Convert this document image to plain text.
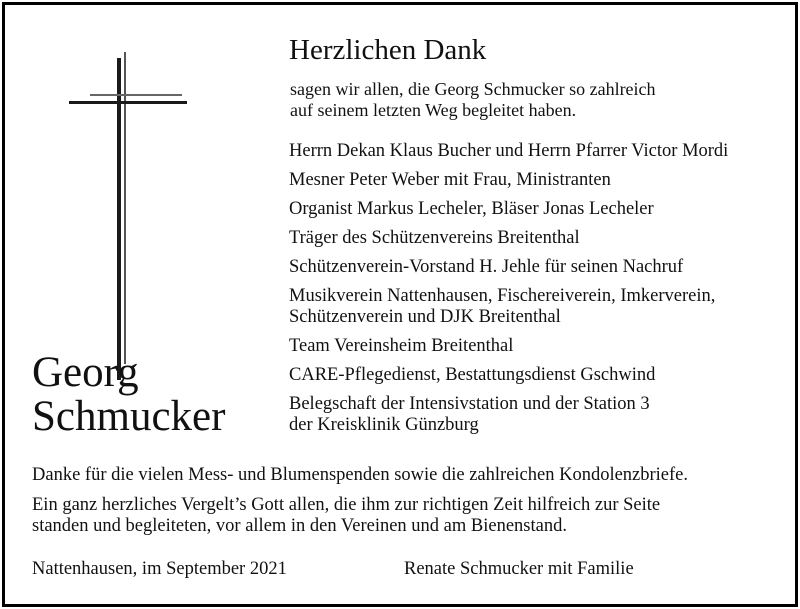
Herzlichen Dank
sagen wir allen, die Georg Schmucker so zahlreich
auf seinem letzten Weg begleitet haben.
Herrn Dekan Klaus Bucher und Herrn Pfarrer Victor Mordi
Mesner Peter Weber mit Frau, Ministranten
Organist Markus Lecheler, Bläser Jonas Lecheler
Träger des Schützenvereins Breitenthal
Schützenverein-Vorstand H. Jehle für seinen Nachruf
Musikverein Nattenhausen, Fischereiverein, Imkerverein,
Schützenverein und DJK Breitenthal
Team Vereinsheim Breitenthal
CARE-Pflegedienst, Bestattungsdienst Gschwind
Belegschaft der Intensivstation und der Station 3
der Kreisklinik Günzburg
Georg
Schmucker
Danke für die vielen Mess- und Blumenspenden sowie die zahlreichen Kondolenzbriefe.
Ein ganz herzliches Vergelt’s Gott allen, die ihm zur richtigen Zeit hilfreich zur Seite
standen und begleiteten, vor allem in den Vereinen und am Bienenstand.
Nattenhausen, im September 2021	Renate Schmucker mit Familie
